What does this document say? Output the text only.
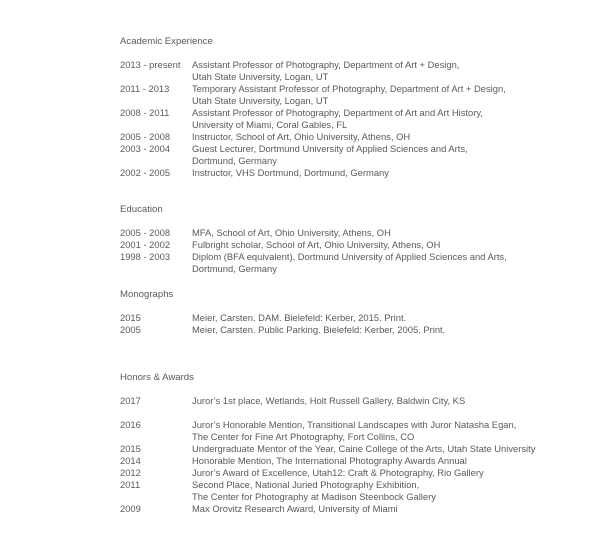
Academic Experience
2013 - present	Assistant Professor of Photography, Department of Art + Design,
Utah State University, Logan, UT
2011 - 2013	Temporary Assistant Professor of Photography, Department of Art + Design,
Utah State University, Logan, UT
2008 - 2011	Assistant Professor of Photography, Department of Art and Art History,
University of Miami, Coral Gables, FL
2005 - 2008	Instructor, School of Art, Ohio University, Athens, OH
2003 - 2004	Guest Lecturer, Dortmund University of Applied Sciences and Arts,
Dortmund, Germany
2002 - 2005	Instructor, VHS Dortmund, Dortmund, Germany
Education
2005 - 2008	MFA, School of Art, Ohio University, Athens, OH
2001 - 2002	Fulbright scholar, School of Art, Ohio University, Athens, OH
1998 - 2003	Diplom (BFA equivalent), Dortmund University of Applied Sciences and Arts,
Dortmund, Germany
Monographs
2015	Meier, Carsten. DAM. Bielefeld: Kerber, 2015. Print.
2005	Meier, Carsten. Public Parking. Bielefeld: Kerber, 2005. Print.
Honors & Awards
2017	Juror’s 1st place, Wetlands, Holt Russell Gallery, Baldwin City, KS
2016	Juror’s Honorable Mention, Transitional Landscapes with Juror Natasha Egan,
The Center for Fine Art Photography, Fort Collins, CO
2015	Undergraduate Mentor of the Year, Caine College of the Arts, Utah State University
2014	Honorable Mention, The International Photography Awards Annual
2012	Juror’s Award of Excellence, Utah12: Craft & Photography, Rio Gallery
2011	Second Place, National Juried Photography Exhibition,
The Center for Photography at Madison Steenbock Gallery
2009	Max Orovitz Research Award, University of Miami
